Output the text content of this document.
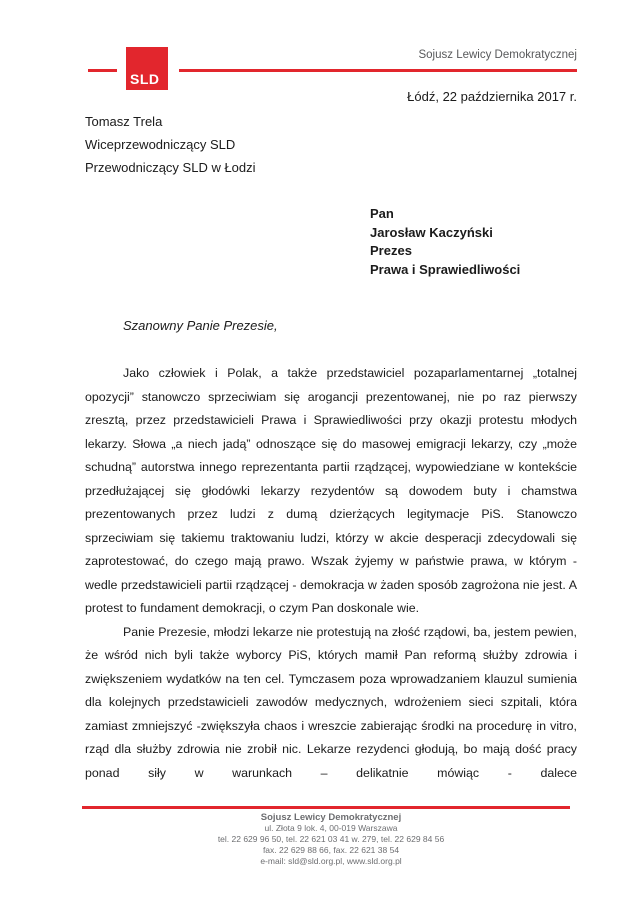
SLD
Sojusz Lewicy Demokratycznej
Łódź, 22 października 2017 r.
Tomasz Trela
Wiceprzewodniczący SLD
Przewodniczący SLD w Łodzi
Pan
Jarosław Kaczyński
Prezes
Prawa i Sprawiedliwości
Szanowny Panie Prezesie,

Jako człowiek i Polak, a także przedstawiciel pozaparlamentarnej „totalnej opozycji” stanowczo sprzeciwiam się arogancji prezentowanej, nie po raz pierwszy zresztą, przez przedstawicieli Prawa i Sprawiedliwości przy okazji protestu młodych lekarzy. Słowa „a niech jadą” odnoszące się do masowej emigracji lekarzy, czy „może schudną” autorstwa innego reprezentanta partii rządzącej, wypowiedziane w kontekście przedłużającej się głodówki lekarzy rezydentów są dowodem buty i chamstwa prezentowanych przez ludzi z dumą dzierżących legitymacje PiS. Stanowczo sprzeciwiam się takiemu traktowaniu ludzi, którzy w akcie desperacji zdecydowali się zaprotestować, do czego mają prawo. Wszak żyjemy w państwie prawa, w którym - wedle przedstawicieli partii rządzącej - demokracja w żaden sposób zagrożona nie jest. A protest to fundament demokracji, o czym Pan doskonale wie.

Panie Prezesie, młodzi lekarze nie protestują na złość rządowi, ba, jestem pewien, że wśród nich byli także wyborcy PiS, których mamił Pan reformą służby zdrowia i zwiększeniem wydatków na ten cel. Tymczasem poza wprowadzaniem klauzul sumienia dla kolejnych przedstawicieli zawodów medycznych, wdrożeniem sieci szpitali, która zamiast zmniejszyć -zwiększyła chaos i wreszcie zabierając środki na procedurę in vitro, rząd dla służby zdrowia nie zrobił nic. Lekarze rezydenci głodują, bo mają dość pracy ponad siły w warunkach – delikatnie mówiąc - dalece

Sojusz Lewicy Demokratycznej
ul. Złota 9 lok. 4, 00-019 Warszawa
tel. 22 629 96 50, tel. 22 621 03 41 w. 279, tel. 22 629 84 56
fax. 22 629 88 66, fax. 22 621 38 54
e-mail: sld@sld.org.pl, www.sld.org.pl
